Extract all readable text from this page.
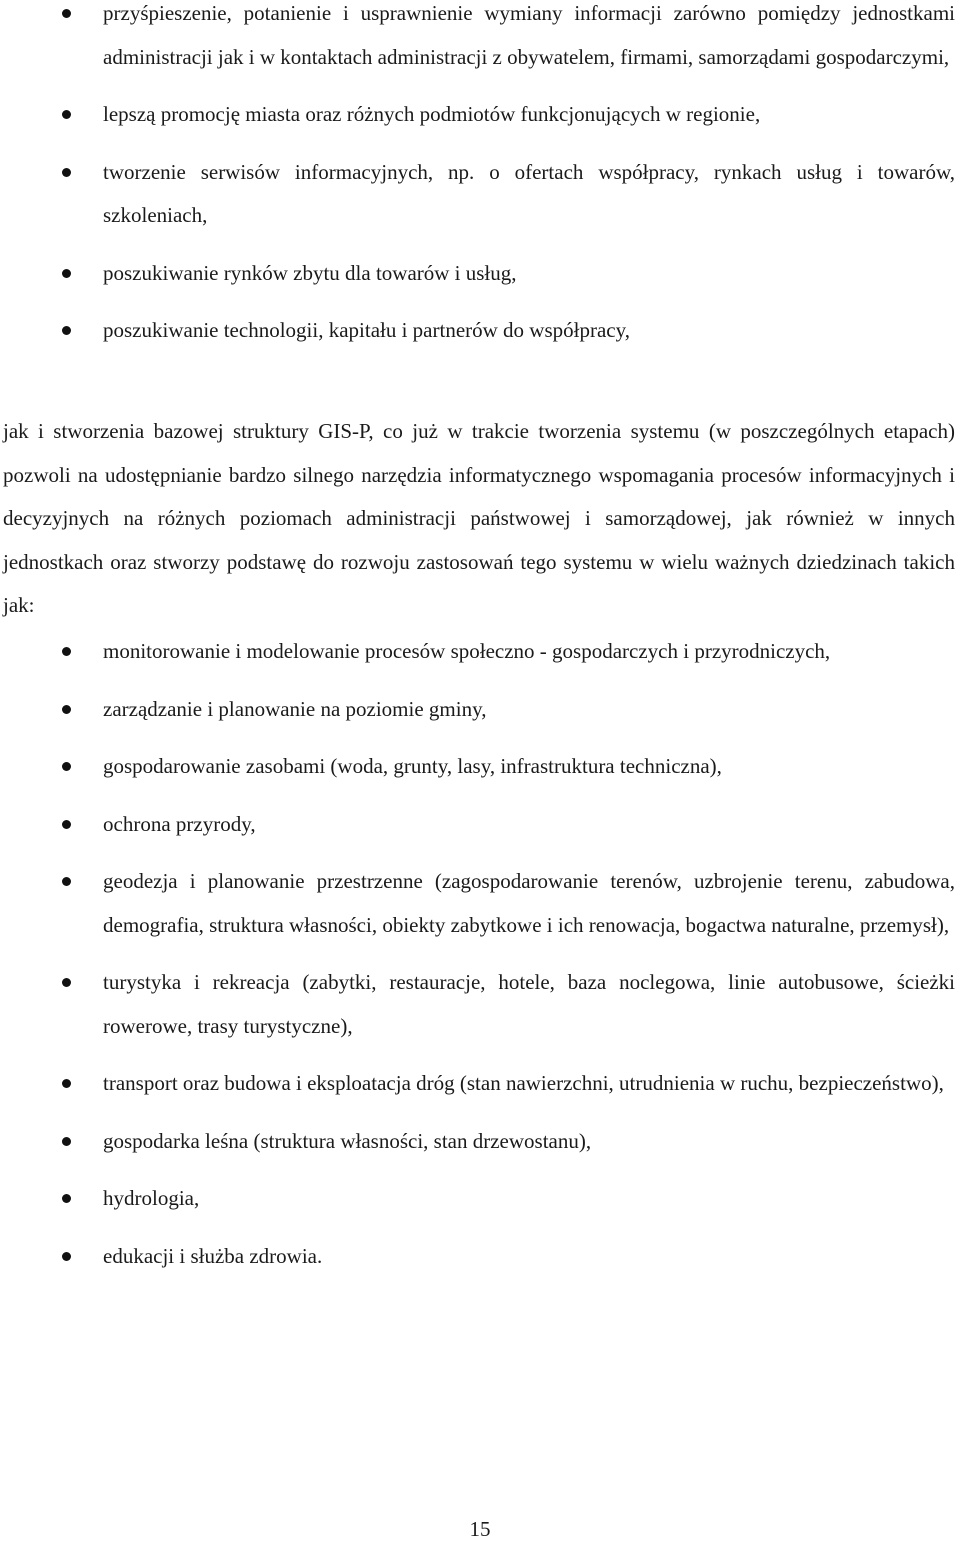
przyśpieszenie, potanienie i usprawnienie wymiany informacji zarówno pomiędzy jednostkami administracji jak i w kontaktach administracji z obywatelem, firmami, samorządami gospodarczymi,
lepszą promocję miasta oraz różnych podmiotów funkcjonujących w regionie,
tworzenie serwisów informacyjnych, np. o ofertach współpracy, rynkach usług i towarów, szkoleniach,
poszukiwanie rynków zbytu dla towarów i usług,
poszukiwanie technologii, kapitału i partnerów do współpracy,

jak i stworzenia bazowej struktury GIS-P, co już w trakcie tworzenia systemu (w poszczególnych etapach) pozwoli na udostępnianie bardzo silnego narzędzia informatycznego wspomagania procesów informacyjnych i decyzyjnych na różnych poziomach administracji państwowej i samorządowej, jak również w innych jednostkach oraz stworzy podstawę do rozwoju zastosowań tego systemu w wielu ważnych dziedzinach takich jak:

monitorowanie i modelowanie procesów społeczno - gospodarczych i przyrodniczych,
zarządzanie i planowanie na poziomie gminy,
gospodarowanie zasobami (woda, grunty, lasy, infrastruktura techniczna),
ochrona przyrody,
geodezja i planowanie przestrzenne (zagospodarowanie terenów, uzbrojenie terenu, zabudowa, demografia, struktura własności, obiekty zabytkowe i ich renowacja, bogactwa naturalne, przemysł),
turystyka i rekreacja (zabytki, restauracje, hotele, baza noclegowa, linie autobusowe, ścieżki rowerowe, trasy turystyczne),
transport oraz budowa i eksploatacja dróg (stan nawierzchni, utrudnienia w ruchu, bezpieczeństwo),
gospodarka leśna (struktura własności, stan drzewostanu),
hydrologia,
edukacji i służba zdrowia.
15
